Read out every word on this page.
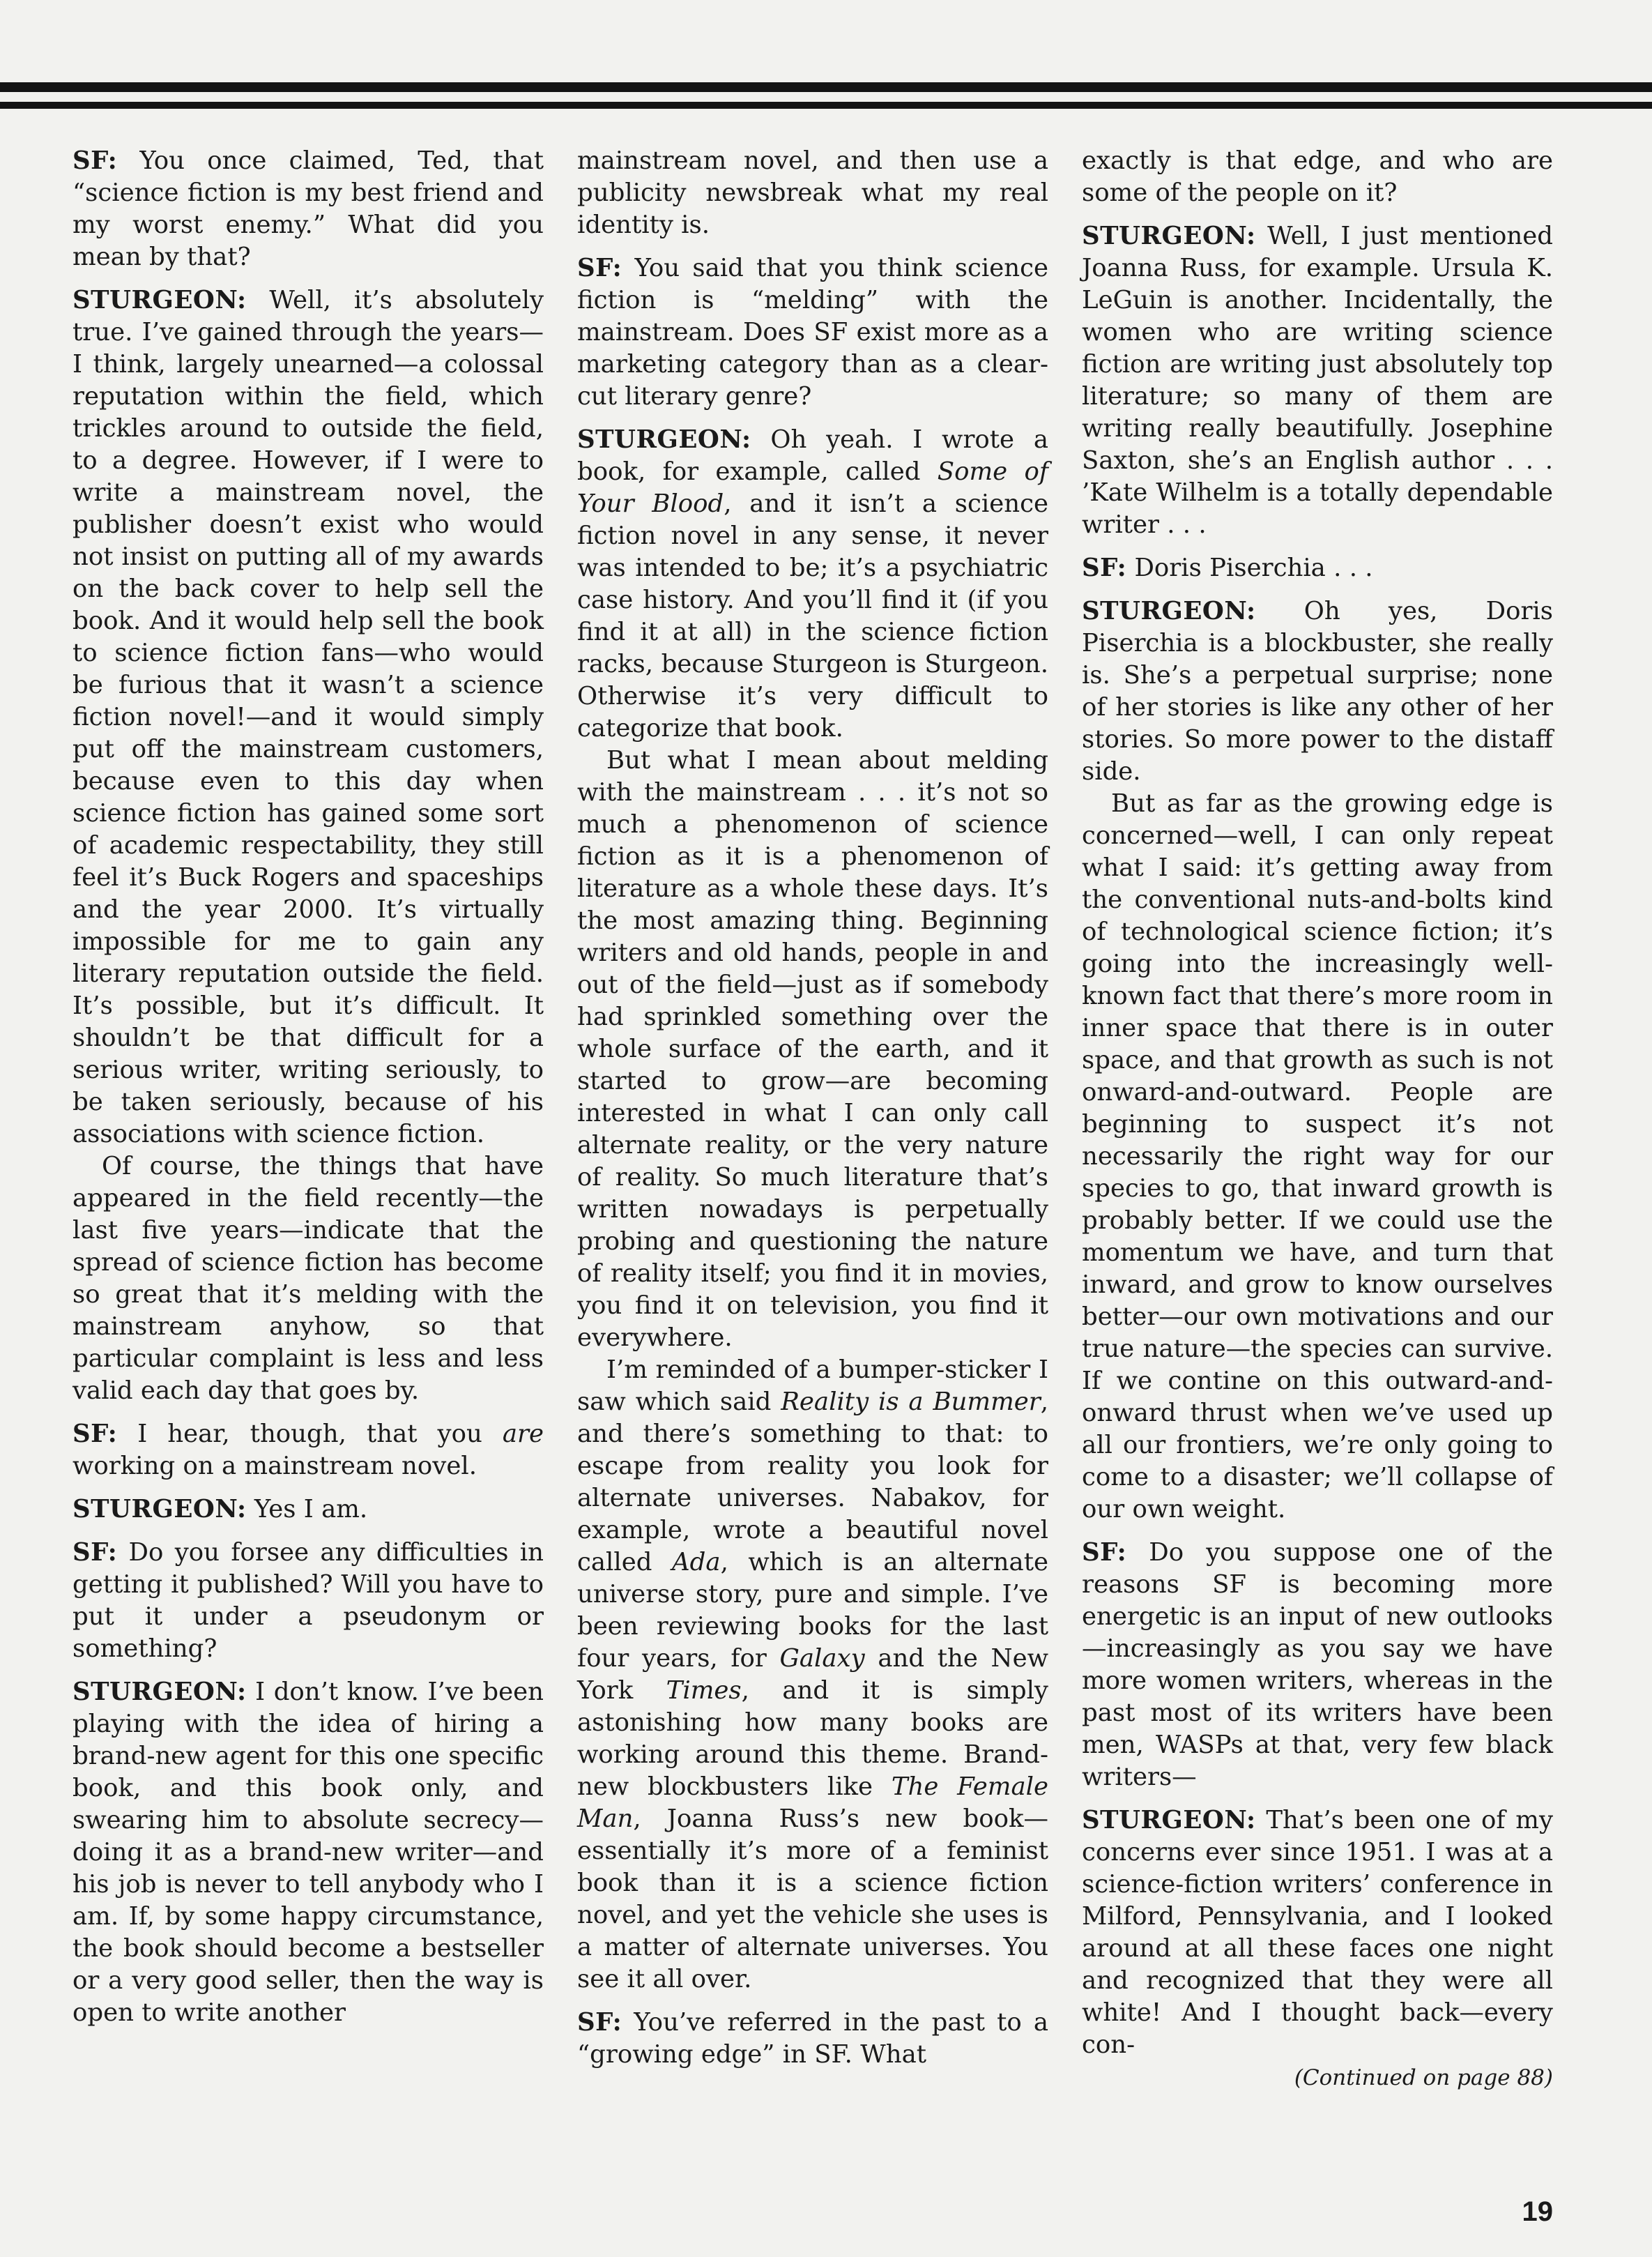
SF: You once claimed, Ted, that “science fiction is my best friend and my worst enemy.” What did you mean by that?

STURGEON: Well, it’s absolutely true. I’ve gained through the years—I think, largely unearned—a colossal reputation within the field, which trickles around to outside the field, to a degree. However, if I were to write a mainstream novel, the publisher doesn’t exist who would not insist on putting all of my awards on the back cover to help sell the book. And it would help sell the book to science fiction fans—who would be furious that it wasn’t a science fiction novel!—and it would simply put off the mainstream customers, because even to this day when science fiction has gained some sort of academic respectability, they still feel it’s Buck Rogers and spaceships and the year 2000. It’s virtually impossible for me to gain any literary reputation outside the field. It’s possible, but it’s difficult. It shouldn’t be that difficult for a serious writer, writing seriously, to be taken seriously, because of his associations with science fiction.

Of course, the things that have appeared in the field recently—the last five years—indicate that the spread of science fiction has become so great that it’s melding with the mainstream anyhow, so that particular complaint is less and less valid each day that goes by.

SF: I hear, though, that you are working on a mainstream novel.

STURGEON: Yes I am.

SF: Do you forsee any difficulties in getting it published? Will you have to put it under a pseudonym or something?

STURGEON: I don’t know. I’ve been playing with the idea of hiring a brand-new agent for this one specific book, and this book only, and swearing him to absolute secrecy—doing it as a brand-new writer—and his job is never to tell anybody who I am. If, by some happy circumstance, the book should become a bestseller or a very good seller, then the way is open to write another

mainstream novel, and then use a publicity newsbreak what my real identity is.

SF: You said that you think science fiction is “melding” with the mainstream. Does SF exist more as a marketing category than as a clear-cut literary genre?

STURGEON: Oh yeah. I wrote a book, for example, called Some of Your Blood, and it isn’t a science fiction novel in any sense, it never was intended to be; it’s a psychiatric case history. And you’ll find it (if you find it at all) in the science fiction racks, because Sturgeon is Sturgeon. Otherwise it’s very difficult to categorize that book.

But what I mean about melding with the mainstream . . . it’s not so much a phenomenon of science fiction as it is a phenomenon of literature as a whole these days. It’s the most amazing thing. Beginning writers and old hands, people in and out of the field—just as if somebody had sprinkled something over the whole surface of the earth, and it started to grow—are becoming interested in what I can only call alternate reality, or the very nature of reality. So much literature that’s written nowadays is perpetually probing and questioning the nature of reality itself; you find it in movies, you find it on television, you find it everywhere.

I’m reminded of a bumper-sticker I saw which said Reality is a Bummer, and there’s something to that: to escape from reality you look for alternate universes. Nabakov, for example, wrote a beautiful novel called Ada, which is an alternate universe story, pure and simple. I’ve been reviewing books for the last four years, for Galaxy and the New York Times, and it is simply astonishing how many books are working around this theme. Brand-new blockbusters like The Female Man, Joanna Russ’s new book—essentially it’s more of a feminist book than it is a science fiction novel, and yet the vehicle she uses is a matter of alternate universes. You see it all over.

SF: You’ve referred in the past to a “growing edge” in SF. What

exactly is that edge, and who are some of the people on it?

STURGEON: Well, I just mentioned Joanna Russ, for example. Ursula K. LeGuin is another. Incidentally, the women who are writing science fiction are writing just absolutely top literature; so many of them are writing really beautifully. Josephine Saxton, she’s an English author . . . ’Kate Wilhelm is a totally dependable writer . . .

SF: Doris Piserchia . . .

STURGEON: Oh yes, Doris Piserchia is a blockbuster, she really is. She’s a perpetual surprise; none of her stories is like any other of her stories. So more power to the distaff side.

But as far as the growing edge is concerned—well, I can only repeat what I said: it’s getting away from the conventional nuts-and-bolts kind of technological science fiction; it’s going into the increasingly well-known fact that there’s more room in inner space that there is in outer space, and that growth as such is not onward-and-outward. People are beginning to suspect it’s not necessarily the right way for our species to go, that inward growth is probably better. If we could use the momentum we have, and turn that inward, and grow to know ourselves better—our own motivations and our true nature—the species can survive. If we contine on this outward-and-onward thrust when we’ve used up all our frontiers, we’re only going to come to a disaster; we’ll collapse of our own weight.

SF: Do you suppose one of the reasons SF is becoming more energetic is an input of new outlooks—increasingly as you say we have more women writers, whereas in the past most of its writers have been men, WASPs at that, very few black writers—

STURGEON: That’s been one of my concerns ever since 1951. I was at a science-fiction writers’ conference in Milford, Pennsylvania, and I looked around at all these faces one night and recognized that they were all white! And I thought back—every con-

(Continued on page 88)
19
